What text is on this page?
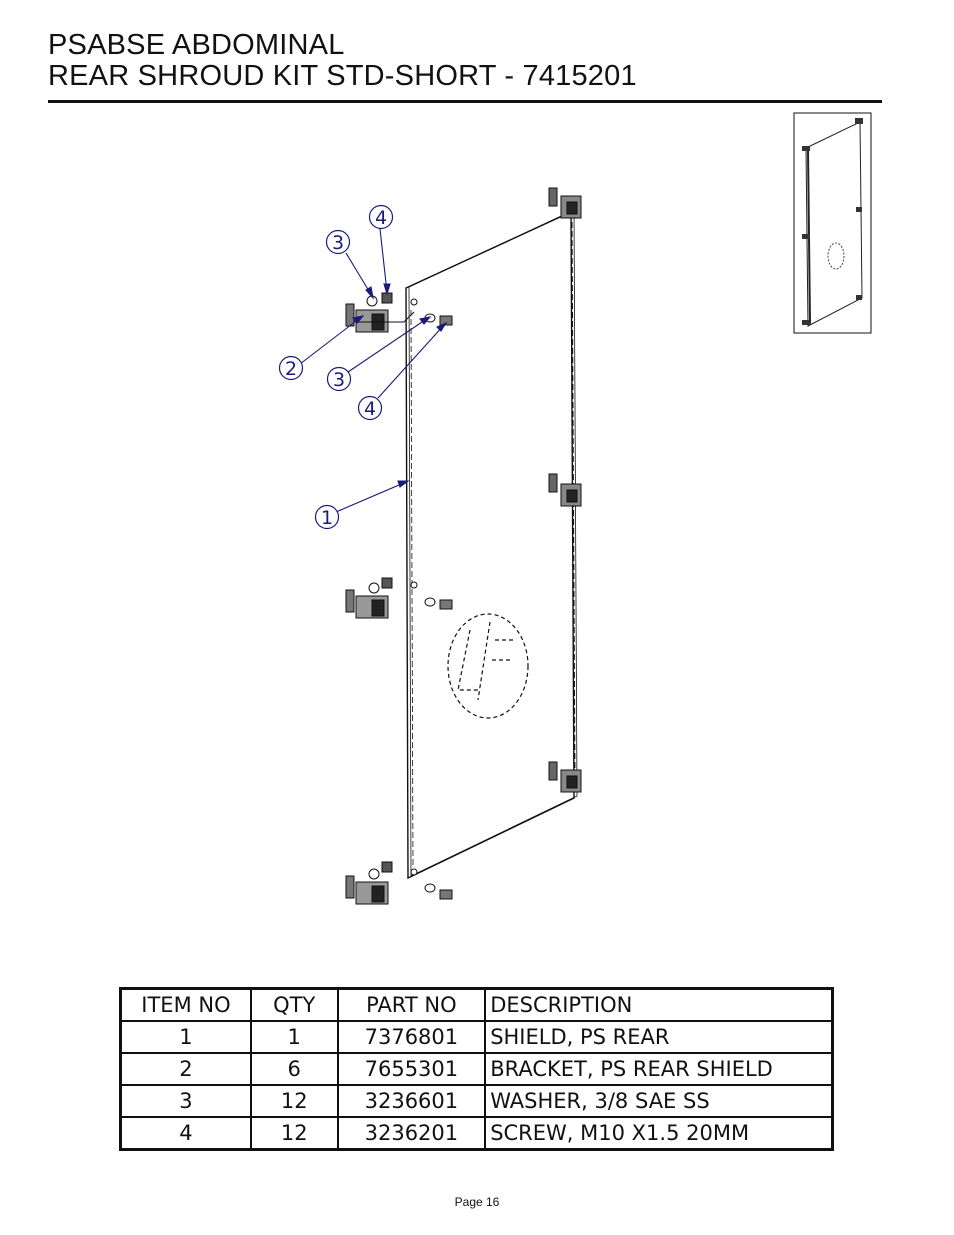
PSABSE ABDOMINAL
REAR SHROUD KIT STD-SHORT - 7415201
4
3
2 3
4
1
ITEM NO	QTY	PART NO	DESCRIPTION
1	1	7376801	SHIELD, PS REAR
2	6	7655301	BRACKET, PS REAR SHIELD
3	12	3236601	WASHER, 3/8 SAE SS
4	12	3236201	SCREW, M10 X1.5 20MM
Page 16
